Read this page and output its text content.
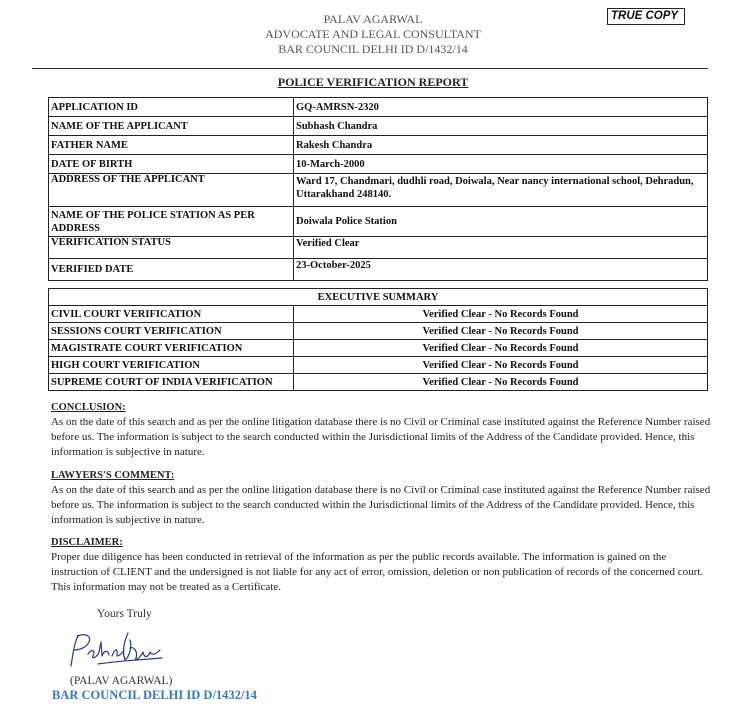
PALAV AGARWAL
ADVOCATE AND LEGAL CONSULTANT
BAR COUNCIL DELHI ID D/1432/14
TRUE COPY
POLICE VERIFICATION REPORT
APPLICATION ID	GQ-AMRSN-2320
NAME OF THE APPLICANT	Subhash Chandra
FATHER NAME	Rakesh Chandra
DATE OF BIRTH	10-March-2000
ADDRESS OF THE APPLICANT	Ward 17, Chandmari, dudhli road, Doiwala, Near nancy international school, Dehradun, Uttarakhand 248140.
NAME OF THE POLICE STATION AS PER ADDRESS	Doiwala Police Station
VERIFICATION STATUS	Verified Clear
VERIFIED DATE	23-October-2025
EXECUTIVE SUMMARY	
CIVIL COURT VERIFICATION	Verified Clear - No Records Found
SESSIONS COURT VERIFICATION	Verified Clear - No Records Found
MAGISTRATE COURT VERIFICATION	Verified Clear - No Records Found
HIGH COURT VERIFICATION	Verified Clear - No Records Found
SUPREME COURT OF INDIA VERIFICATION	Verified Clear - No Records Found
CONCLUSION:
As on the date of this search and as per the online litigation database there is no Civil or Criminal case instituted against the Reference Number raised before us. The information is subject to the search conducted within the Jurisdictional limits of the Address of the Candidate provided. Hence, this information is subjective in nature.
LAWYERS'S COMMENT:
As on the date of this search and as per the online litigation database there is no Civil or Criminal case instituted against the Reference Number raised before us. The information is subject to the search conducted within the Jurisdictional limits of the Address of the Candidate provided. Hence, this information is subjective in nature.
DISCLAIMER:
Proper due diligence has been conducted in retrieval of the information as per the public records available. The information is gained on the instruction of CLIENT and the undersigned is not liable for any act of error, omission, deletion or non publication of records of the concerned court. This information may not be treated as a Certificate.
Yours Truly
(PALAV AGARWAL)
BAR COUNCIL DELHI ID D/1432/14
